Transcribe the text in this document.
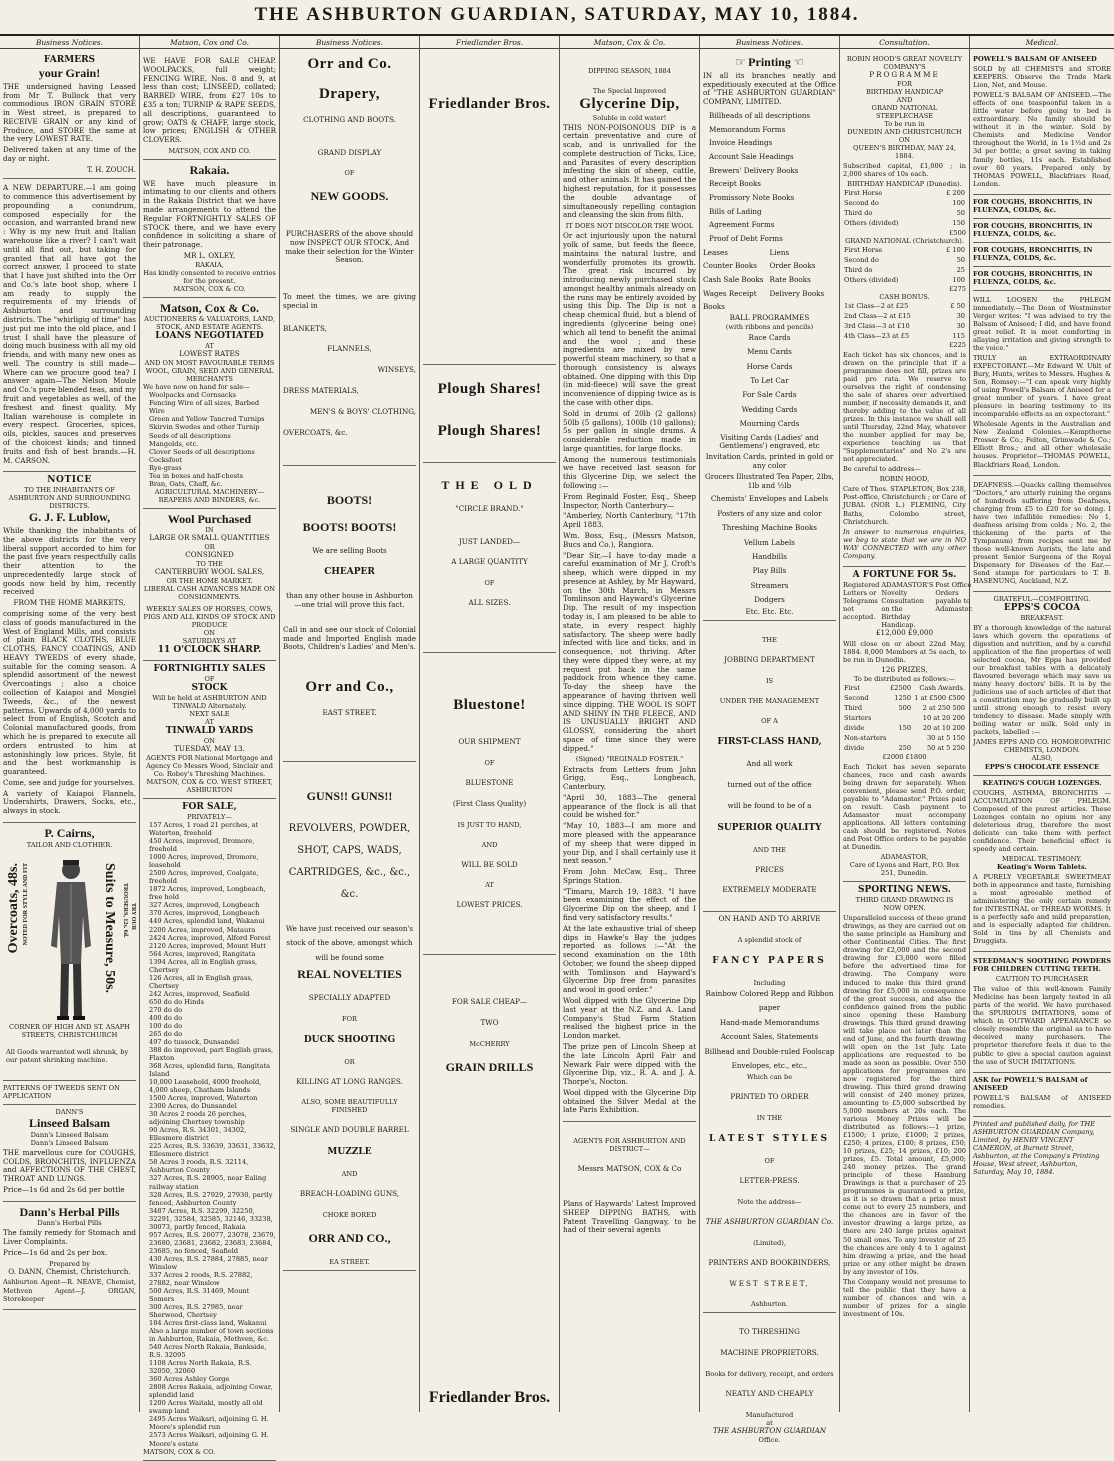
THE ASHBURTON GUARDIAN, SATURDAY, MAY 10, 1884.
Business Notices.
FARMERS
your Grain!

THE undersigned having Leased from Mr T. Bullock that very commodious IRON GRAIN STORE in West street, is prepared to RECEIVE GRAIN or any kind of Produce, and STORE the same at the very LOWEST RATE.

Delivered taken at any time of the day or night.

T. H. ZOUCH.

A NEW DEPARTURE.—I am going to commence this advertisement by propounding a conundrum, composed especially for the occasion, and warranted brand new : Why is my new fruit and Italian warehouse like a river? I can't wait until all find out, but taking for granted that all have got the correct answer, I proceed to state that I have just shifted into the Orr and Co.'s late boot shop, where I am ready to supply the requirements of my friends of Ashburton and surrounding districts. The "whirligig of time" has just put me into the old place, and I trust I shall have the pleasure of doing much business with all my old friends, and with many new ones as well. The country is still made—Where can we procure good tea? I answer again—The Nelson Moule and Co.'s pure blended teas, and my fruit and vegetables as well, of the freshest and finest quality. My Italian warehouse is complete in every respect. Groceries, spices, oils, pickles, sauces and preserves of the choicest kinds; and tinned fruits and fish of best brands.—H. M. CARSON.

NOTICE
TO THE INHABITANTS OF ASHBURTON AND SURROUNDING DISTRICTS.
G. J. F. Lublow,

While thanking the inhabitants of the above districts for the very liberal support accorded to him for the past five years respectfully calls their attention to the unprecedentedly large stock of goods now held by him, recently received

FROM THE HOME MARKETS,

comprising some of the very best class of goods manufactured in the West of England Mills, and consists of plain BLACK CLOTHS, BLUE CLOTHS, FANCY COATINGS, AND HEAVY TWEEDS of every shade, suitable for the coming season. A splendid assortment of the newest Overcoatings ; also a choice collection of Kaiapoi and Mosgiel Tweeds, &c., of the newest patterns. Upwards of 4,000 yards to select from of English, Scotch and Colonial manufactured goods, from which he is prepared to execute all orders entrusted to him at astonishingly low prices. Style, fit and the best workmanship is guaranteed.

Come, see and judge for yourselves.

A variety of Kaiapoi Flannels, Undershirts, Drawers, Socks, etc., always in stock.

P. Cairns,
TAILOR AND CLOTHIER.
Overcoats, 48s. NOTED FOR STYLE AND FIT	Suits to Measure, 50s. TROUSERS, 12s. 6d. TRY OUR
CORNER OF HIGH AND ST. ASAPH STREETS, CHRISTCHURCH
All Goods warranted well shrunk, by our patent shrinking machine.
PATTERNS OF TWEEDS SENT ON APPLICATION
DANN'S
Linseed Balsam
Dann's Linseed Balsam
Dann's Linseed Balsam

THE marvellous cure for COUGHS, COLDS, BRONCHITIS, INFLUENZA and AFFECTIONS OF THE CHEST, THROAT AND LUNGS.

Price—1s 6d and 2s 6d per bottle

Dann's Herbal Pills
Dann's Herbal Pills

The family remedy for Stomach and Liver Complaints.

Price—1s 6d and 2s per box.

Prepared by
O. DANN, Chemist, Christchurch.

Ashburton Agent—R. NEAVE, Chemist, Methven Agent—J. ORGAN, Storekeeper

Matson, Cox and Co.

WE HAVE FOR SALE CHEAP. WOOLPACKS, full weight; FENCING WIRE, Nos. 8 and 9, at less than cost; LINSEED, collated; BARBED WIRE, from £27 10s to £35 a ton; TURNIP & RAPE SEEDS, all descriptions, guaranteed to grow; OATS & CHAFF, large stock, low prices; ENGLISH & OTHER CLOVERS.

MATSON, COX AND CO.
Rakaia.

WE have much pleasure in intimating to our clients and others in the Rakaia District that we have made arrangements to attend the Regular FORTNIGHTLY SALES OF STOCK there, and we have every confidence in soliciting a share of their patronage.

MR L. OXLEY,
RAKAIA,
Has kindly consented to receive entries for the present.
MATSON, COX & CO.
Matson, Cox & Co.
AUCTIONEERS & VALUATORS, LAND, STOCK, AND ESTATE AGENTS.
LOANS NEGOTIATED
AT
LOWEST RATES
AND ON MOST FAVOURABLE TERMS
WOOL, GRAIN, SEED AND GENERAL MERCHANTS
We have now on hand for sale—
Woolpacks and Cornsacks
Fencing Wire of all sizes, Barbed Wire
Green and Yellow Tancred Turnips
Skirvin Swedes and other Turnip Seeds of all descriptions
Mangolds, etc.
Clover Seeds of all descriptions
Cocksfoot
Rye-grass
Tea in boxes and half-chests
Bran, Oats, Chaff, &c.
AGRICULTURAL MACHINERY—REAPERS AND BINDERS, &c.
Wool Purchased
IN
LARGE OR SMALL QUANTITIES
OR
CONSIGNED
TO THE
CANTERBURY WOOL SALES,
OR THE HOME MARKET.
LIBERAL CASH ADVANCES MADE ON CONSIGNMENTS.
WEEKLY SALES OF HORSES, COWS, PIGS AND ALL KINDS OF STOCK AND PRODUCE
ON
SATURDAYS AT
11 O'CLOCK SHARP.
FORTNIGHTLY SALES
OF
STOCK
Will be held at ASHBURTON AND TINWALD Alternately.
NEXT SALE
AT
TINWALD YARDS
ON
TUESDAY, MAY 13.
AGENTS FOR National Mortgage and Agency Co Messrs Wood, Sinclair and Co. Robey's Threshing Machines.
MATSON, COX & CO. WEST STREET, ASHBURTON
FOR SALE,
PRIVATELY—
157 Acres, 1 road 21 perches, at Waterton, freehold
450 Acres, improved, Dromore, freehold
1000 Acres, improved, Dromore, leasehold
2500 Acres, improved, Coalgate, freehold
1872 Acres, improved, Longbeach, free hold
327 Acres, improved, Longbeach
370 Acres, improved, Longbeach
449 Acres, splendid land, Wakanui
2200 Acres, improved, Mataura
2424 Acres, improved, Alford Forest
2120 Acres, improved, Mount Hutt
564 Acres, improved, Rangitata
1394 Acres, all in English grass, Chertsey
126 Acres, all in English grass, Chertsey
242 Acres, improved, Seafield
650 do do Hinds
270 do do
400 do do
100 do do
265 do do
497 do tussock, Dunsandel
388 do improved, part English grass, Flaxton
368 Acres, splendid farm, Rangitata Island
10,000 Leasehold, 4000 freehold, 4,000 sheep, Chatham Islands
1500 Acres, improved, Waterton
2300 Acres, do Dunsandel
30 Acres 2 roods 26 perches, adjoining Chertsey township
90 Acres, R.S. 34301, 34302, Ellesmere district
225 Acres, R.S. 33639, 33631, 33632, Ellesmere district
58 Acres 3 roods, R.S. 32114, Ashburton County
327 Acres, R.S. 28905, near Ealing railway station
328 Acres, R.S. 27929, 27930, partly fenced, Ashburton County
3487 Acres, R.S. 32299, 32250, 32291, 32584, 32585, 32146, 33238, 30073, partly fenced, Rakaia
957 Acres, R.S. 20077, 23078, 23679, 23680, 23681, 23682, 23683, 23684, 23685, no fenced, Seafield
430 Acres, R.S. 27884, 27885, near Winslow
337 Acres 2 roods, R.S. 27882, 27882, near Winslow
500 Acres, R.S. 31469, Mount Somers
300 Acres, R.S. 27985, near Sherwood, Chertsey
184 Acres first-class land, Wakanui
Also a large number of town sections in Ashburton, Rakaia, Methven, &c.
540 Acres North Rakaia, Bankside, R.S. 32095
1108 Acres North Rakaia, R.S. 32050, 32060
360 Acres Ashley Gorge
2808 Acres Rakaia, adjoining Cowar, splendid land
1200 Acres Waitaki, mostly all old swamp land
2495 Acres Waikari, adjoining G. H. Moore's splendid run
2573 Acres Waikari, adjoining G. H. Moore's estate
MATSON, COX & CO.
Business Notices.
Orr and Co.
Drapery,
CLOTHING AND BOOTS.
GRAND DISPLAY
OF
NEW GOODS.

PURCHASERS of the above should now INSPECT OUR STOCK, And make their selection for the Winter Season.

To meet the times, we are giving special in

BLANKETS,
FLANNELS,
WINSEYS,
DRESS MATERIALS,
MEN'S & BOYS' CLOTHING,
OVERCOATS, &c.
BOOTS!
BOOTS! BOOTS!
We are selling Boots
CHEAPER

than any other house in Ashburton—one trial will prove this fact.

Call in and see our stock of Colonial made and Imported English made Boots, Children's Ladies' and Men's.

Orr and Co.,
EAST STREET.
GUNS!! GUNS!!

REVOLVERS, POWDER, SHOT, CAPS, WADS, CARTRIDGES, &c., &c., &c.

We have just received our season's stock of the above, amongst which will be found some

REAL NOVELTIES
SPECIALLY ADAPTED
FOR
DUCK SHOOTING
OR
KILLING AT LONG RANGES.
ALSO, SOME BEAUTIFULLY FINISHED
SINGLE AND DOUBLE BARREL
MUZZLE
AND
BREACH-LOADING GUNS,
CHOKE BORED
ORR AND CO.,
EA STREET.
Friedlander Bros.
Friedlander Bros.
Plough Shares!
Plough Shares!
THE OLD
"CIRCLE BRAND."
JUST LANDED—
A LARGE QUANTITY
OF
ALL SIZES.
Bluestone!
OUR SHIPMENT
OF
BLUESTONE
(First Class Quality)
IS JUST TO HAND,
AND
WILL BE SOLD
AT
LOWEST PRICES.
FOR SALE CHEAP—
TWO
McCHERRY
GRAIN DRILLS
Friedlander Bros.
Matson, Cox & Co.
DIPPING SEASON, 1884
The Special Improved
Glycerine Dip,
Soluble in cold water!

THIS NON-POISONOUS DIP is a certain preventative and cure of scab, and is unrivalled for the complete destruction of Ticks, Lice, and Parasites of every description infesting the skin of sheep, cattle, and other animals. It has gained the highest reputation, for it possesses the double advantage of simultaneously repelling contagion and cleansing the skin from filth.

IT DOES NOT DISCOLOR THE WOOL

Or act injuriously upon the natural yolk of same, but feeds the fleece, maintains the natural lustre, and wonderfully promotes its growth. The great risk incurred by introducing newly purchased stock amongst healthy animals already on the runs may be entirely avoided by using this Dip. The Dip is not a cheap chemical fluid, but a blend of ingredients (glycerine being one) which all tend to benefit the animal and the wool ; and these ingredients are mixed by new powerful steam machinery, so that a thorough consistency is always obtained. One dipping with this Dip (in mid-fleece) will save the great inconvenience of dipping twice as is the case with other dips.

Sold in drums of 20lb (2 gallons) 50lb (5 gallons), 100lb (10 gallons); 5s per gallon in single drums. A considerable reduction made in large quantities, for large flocks.

Among the numerous testimonials we have received last season for this Glycerine Dip, we select the following :—

From Reginald Foster, Esq., Sheep Inspector, North Canterbury—

"Amberley, North Canterbury, "17th April 1883.

Wm. Boss, Esq., (Messrs Matson, Bucs and Co.), Rangiora.

"Dear Sir,—I have to-day made a careful examination of Mr J. Croft's sheep, which were dipped in my presence at Ashley, by Mr Hayward, on the 30th March, in Messrs Tomlinson and Hayward's Glycerine Dip. The result of my inspection today is, I am pleased to be able to state, in every respect highly satisfactory. The sheep were badly infected with lice and ticks, and in consequence, not thriving. After they were dipped they were, at my request put back in the same paddock from whence they came. To-day the sheep have the appearance of having thriven well since dipping. THE WOOL IS SOFT AND SHINY IN THE FLEECE, AND IS UNUSUALLY BRIGHT AND GLOSSY, considering the short space of time since they were dipped."

(Signed) "REGINALD FOSTER."

Extracts from Letters from John Grigg, Esq., Longbeach, Canterbury.

"April 30, 1883—The general appearance of the flock is all that could be wished for."

"May 10, 1883—I am more and more pleased with the appearance of my sheep that were dipped in your Dip, and I shall certainly use it next season."

From John McCaw, Esq., Three Springs Station.

"Timaru, March 19, 1883. "I have been examining the effect of the Glycerine Dip on the sheep, and I find very satisfactory results."

At the late exhaustive trial of sheep dips in Hawke's Bay the judges reported as follows :—"At the second examination on the 18th October, we found the sheep dipped with Tomlinson and Hayward's Glycerine Dip free from parasites and wool in good order."

Wool dipped with the Glycerine Dip last year at the N.Z. and A. Land Company's Stud Farm Station realised the highest price in the London market.

The prize pen of Lincoln Sheep at the late Lincoln April Fair and Newark Fair were dipped with the Glycerine Dip, viz., R. A. and J. A. Thorpe's, Nocton.

Wool dipped with the Glycerine Dip obtained the Silver Medal at the late Paris Exhibition.

AGENTS FOR ASHBURTON AND DISTRICT—
Messrs MATSON, COX & Co

Plans of Haywards' Latest Improved SHEEP DIPPING BATHS, with Patent Travelling Gangway, to be had of their several agents

Business Notices.
☞ Printing ☜

IN all its branches neatly and expeditiously executed at the Office of "THE ASHBURTON GUARDIAN" COMPANY, LIMITED.

Billheads of all descriptions
Memorandum Forms
Invoice Headings
Account Sale Headings
Brewers' Delivery Books
Receipt Books
Promissory Note Books
Bills of Lading
Agreement Forms
Proof of Debt Forms
Leases	Liens
Counter Books	Order Books
Cash Sale Books Rate Books
Wages Receipt Books
Delivery Books
BALL PROGRAMMES
(with ribbons and pencils)
Race Cards
Menu Cards
Horse Cards
To Let Car
For Sale Cards
Wedding Cards
Mourning Cards

Visiting Cards (Ladies' and Gentlemens') engraved, etc

Invitation Cards, printed in gold or any color

Grocers Illustrated Tea Paper, 2lbs, 1lb and ½lb

Chemists' Envelopes and Labels
Posters of any size and color
Threshing Machine Books
Vellum Labels
Handbills
Play Bills
Streamers
Dodgers
Etc. Etc. Etc.
THE
JOBBING DEPARTMENT
IS
UNDER THE MANAGEMENT
OF A
FIRST-CLASS HAND,
And all work
turned out of the office
will be found to be of a
SUPERIOR QUALITY
AND THE
PRICES
EXTREMELY MODERATE
ON HAND AND TO ARRIVE
A splendid stock of
FANCY PAPERS
Including
Rainbow Colored Repp and Ribbon paper
Hand-made Memorandums
Account Sales, Statements
Billhead and Double-ruled Foolscap
Envelopes, etc., etc.,
Which can be
PRINTED TO ORDER
IN THE
LATEST STYLES
OF
LETTER-PRESS.
Note the address—
THE ASHBURTON GUARDIAN Co.
(Limited),
PRINTERS AND BOOKBINDERS,
WEST STREET,
Ashburton.
TO THRESHING
MACHINE PROPRIETORS.
Books for delivery, receipt, and orders
NEATLY AND CHEAPLY
Manufactured
at
THE ASHBURTON GUARDIAN
Office.
Consultation.
ROBIN HOOD'S GREAT NOVELTY COMPANY'S
PROGRAMME
FOR
BIRTHDAY HANDICAP
AND
GRAND NATIONAL STEEPLECHASE
To be run in
DUNEDIN AND CHRISTCHURCH
ON
QUEEN'S BIRTHDAY, MAY 24, 1884.

Subscribed capital, £1,000 ; in 2,000 shares of 10s each.

BIRTHDAY HANDICAP (Dunedin).
First Horse	£ 200
Second do	100
Third do	50
Others (divided)	150
£500
GRAND NATIONAL (Christchurch).
First Horse	£ 100
Second do	50
Third do	25
Others (divided)	100
£275
CASH BONUS.
1st Class—2 at £25	£ 50
2nd Class—2 at £15	30
3rd Class—3 at £10	30
4th Class—23 at £5	115
£225

Each ticket has six chances, and is drawn on the principle that if a programme does not fill, prizes are paid pro rata. We reserve to ourselves the right of condensing the sale of shares over advertised number, if necessity demands it, and thereby adding to the value of all prizes. In this instance we shall sell until Thursday, 22nd May, whatever the number applied for may be, experience teaching us that "Supplementaries" and No 2's are not appreciated.

Be careful to address—

ROBIN HOOD,

Care of Thos. STAPLETON, Box 238, Post-office, Christchurch ; or Care of JUBAL (NOR L.) FLEMING, City Baths, Colombo street, Christchurch.

In answer to numerous enquiries, we beg to state that we are in NO WAY CONNECTED with any other Company.

A FORTUNE FOR 5s.
Registered Letters or Telegrams not accepted.
ADAMASTOR'S Novelty Consultation on the Birthday Handicap.
Post Office Orders payable to Adamastor.
£12,000 £9,000

Will close on or about 22nd May, 1884. 8,000 Members at 5s each, to be run in Dunedin.

126 PRIZES,
To be distributed as follows:—
First	£2500	Cash Awards.
Second	1250	1 at £500 £500
Third	500	2 at 250 500
Starters		10 at 20 200
divide	150	20 at 10 200
Non-starters		30 at 5 150
divide	250	50 at 5 250
£2000 £1800

Each Ticket has seven separate chances, race and cash awards being drawn for separately. When convenient, please send P.O. order, payable to "Adamastor." Prizes paid on result. Cash payment to Adamastor must accompany applications. All letters containing cash should be registered. Notes and Post Office orders to be payable at Dunedin.

ADAMASTOR,
Care of Lyons and Hart, P.O. Box 251, Dunedin.
SPORTING NEWS.
THIRD GRAND DRAWING IS
NOW OPEN.

Unparalleled success of these grand drawings, as they are carried out on the same principle as Hamburg and other Continental Cities. The first drawing for £2,000 and the second drawing for £3,000 were filled before the advertised time for drawing. The Company were induced to make this third grand drawing for £5,000 in consequence of the great success, and also the confidence gained from the public since opening these Hamburg drawings. This third grand drawing will take place not later than the end of June, and the fourth drawing will open on the 1st July. Late applications are requested to be made as soon as possible. Over 550 applications for programmes are now registered for the third drawing. This third grand drawing will consist of 240 money prizes, amounting to £5,000 subscribed by 5,000 members at 20s each. The various Money Prizes will be distributed as follows:—1 prize, £1500; 1 prize, £1000; 2 prizes, £250; 4 prizes, £100; 8 prizes, £50; 10 prizes, £25; 14 prizes, £10; 200 prizes, £5. Total amount, £5,000; 240 money prizes. The grand principle of these Hamburg Drawings is that a purchaser of 25 programmes is guaranteed a prize, as it is so drawn that a prize must come out to every 25 numbers, and the chances are in favor of the investor drawing a large prize, as there are 240 large prizes against 50 small ones. To any investor of 25 the chances are only 4 to 1 against him drawing a prize, and the head prize or any other might be drawn by any investor of 10s.

The Company would not presume to tell the public that they have a number of chances and win a number of prizes for a single investment of 10s.

Medical.
POWELL'S BALSAM OF ANISEED

SOLD by all CHEMISTS and STORE KEEPERS. Observe the Trade Mark Lion, Net, and Mouse.

POWELL'S BALSAM OF ANISEED.—The effects of one teaspoonful taken in a little water before going to bed is extraordinary. No family should be without it in the winter. Sold by Chemists and Medicine Vendor throughout the World, in 1s 1½d and 2s 3d per bottle; a great saving in taking family bottles, 11s each. Established over 60 years. Prepared only by THOMAS POWELL, Blackfriars Road, London.

FOR COUGHS, BRONCHITIS, IN FLUENZA, COLDS, &c.
FOR COUGHS, BRONCHITIS, IN FLUENZA, COLDS, &c.
FOR COUGHS, BRONCHITIS, IN FLUENZA, COLDS, &c.
FOR COUGHS, BRONCHITIS, IN FLUENZA, COLDS, &c.

WILL LOOSEN the PHLEGM immediately.—The Dean of Westminster Verger writes: "I was advised to try the Balsam of Aniseed; I did, and have found great relief. It is most comforting in allaying irritation and giving strength to the voice."

TRULY an EXTRAORDINARY EXPECTORANT.—Mr Edward W. Uhlt of Bury, Hunts, writes to Messrs. Hughes & Son, Romsey:—"I can speak very highly of using Powell's Balsam of Aniseed for a great number of years. I have great pleasure in bearing testimony to its incomparable effects as an expectorant."

Wholesale Agents in the Australian and New Zealand Colonies.—Kempthorne Prosser & Co.; Felton, Grimwade & Co.; Elliott Bros.; and all other wholesale houses. Proprietor—THOMAS POWELL, Blackfriars Road, London.

DEAFNESS.—Quacks calling themselves "Doctors," are utterly ruining the organs of hundreds suffering from Deafness, charging from £5 to £20 for so doing. I have two infallible remedies: No 1, deafness arising from colds ; No. 2, the thickening of the parts of the Tympanum) from recipes sent me by those well-known Aurists, the late and present Senior Surgeons of the Royal Dispensary for Diseases of the Ear.—Send stamps for particulars to T. B. HASENUNG, Auckland, N.Z.

GRATEFUL—COMFORTING.
EPPS'S COCOA
BREAKFAST.

BY a thorough knowledge of the natural laws which govern the operations of digestion and nutrition, and by a careful application of the fine properties of well selected cocoa, Mr Epps has provided our breakfast tables with a delicately flavoured beverage which may save us many heavy doctors' bills. It is by the judicious use of such articles of diet that a constitution may be gradually built up until strong enough to resist every tendency to disease. Made simply with boiling water or milk. Sold only in packets, labelled :—

JAMES EPPS AND CO. HOMOEOPATHIC CHEMISTS, LONDON.
ALSO,
EPPS'S CHOCOLATE ESSENCE
KEATING'S COUGH LOZENGES.

COUGHS, ASTHMA, BRONCHITIS — ACCUMULATION OF PHLEGM. Composed of the purest articles. These Lozenges contain no opium nor any deleterious drug, therefore the most delicate can take them with perfect confidence. Their beneficial effect is speedy and certain.

MEDICAL TESTIMONY.
Keating's Worm Tablets.

A PURELY VEGETABLE SWEETMEAT both in appearance and taste, furnishing a most agreeable method of administering the only certain remedy for INTESTINAL or THREAD WORMS. It is a perfectly safe and mild preparation, and is especially adapted for children. Sold in tins by all Chemists and Druggists.

STEEDMAN'S SOOTHING POWDERS FOR CHILDREN CUTTING TEETH.

CAUTION TO PURCHASER

The value of this well-known Family Medicine has been largely tested in all parts of the world. We have purchased the SPURIOUS IMITATIONS, some of which in OUTWARD APPEARANCE so closely resemble the original as to have deceived many purchasers. The proprietor therefore feels it due to the public to give a special caution against the use of SUCH IMITATIONS.

ASK for POWELL'S BALSAM of ANISEED

POWELL'S BALSAM of ANISEED remedies.

Printed and published daily, for THE ASHBURTON GUARDIAN Company, Limited, by HENRY VINCENT CAMERON, at Burnett Street, Ashburton, at the Company's Printing House, West street, Ashburton, Saturday, May 10, 1884.
